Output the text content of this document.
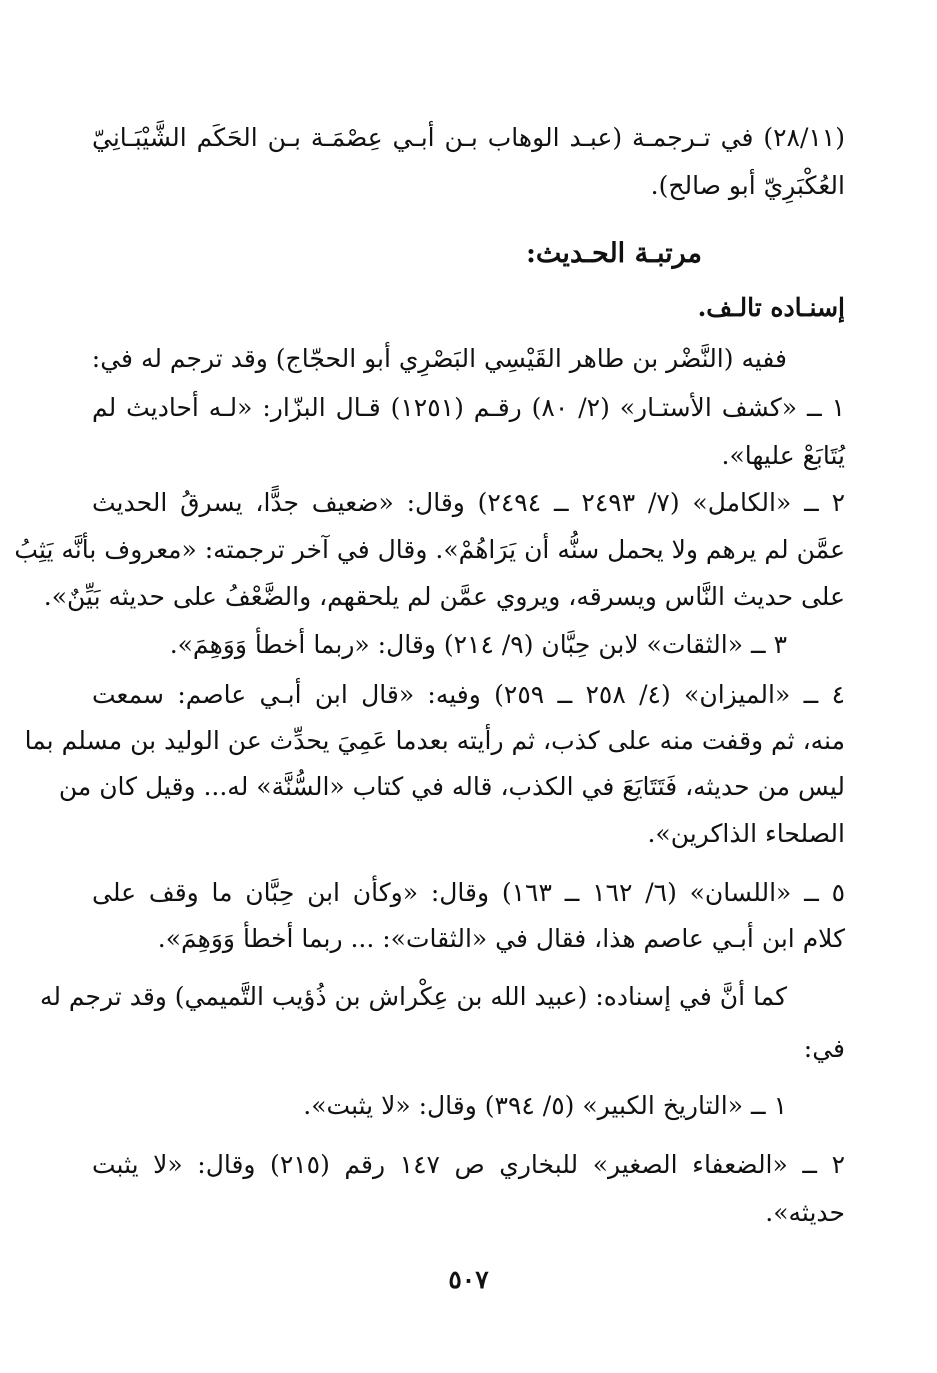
(٢٨/١١) في تـرجمـة (عبـد الوهاب بـن أبـي عِصْمَـة بـن الحَكَم الشَّيْبَـانِيّ
العُكْبَرِيّ أبو صالح).
مرتبـة الحـديث:
إسنـاده تالـف.
ففيه (النَّضْر بن طاهر القَيْسِي البَصْرِي أبو الحجّاج) وقد ترجم له في:
١ ــ «كشف الأستـار» (٢/ ٨٠) رقـم (١٢٥١) قـال البزّار: «لـه أحاديث لم
يُتَابَعْ عليها».
٢ ــ «الكامل» (٧/ ٢٤٩٣ ــ ٢٤٩٤) وقال: «ضعيف جدًّا، يسرقُ الحديث
عمَّن لم يرهم ولا يحمل سنُّه أن يَرَاهُمْ». وقال في آخر ترجمته: «معروف بأنَّه يَثِبُ
على حديث النَّاس ويسرقه، ويروي عمَّن لم يلحقهم، والضَّعْفُ على حديثه بَيِّنٌ».
٣ ــ «الثقات» لابن حِبَّان (٩/ ٢١٤) وقال: «ربما أخطأ وَوَهِمَ».
٤ ــ «الميزان» (٤/ ٢٥٨ ــ ٢٥٩) وفيه: «قال ابن أبـي عاصم: سمعت
منه، ثم وقفت منه على كذب، ثم رأيته بعدما عَمِيَ يحدِّث عن الوليد بن مسلم بما
ليس من حديثه، فَتَتَايَعَ في الكذب، قاله في كتاب «السُّنَّة» له... وقيل كان من
الصلحاء الذاكرين».
٥ ــ «اللسان» (٦/ ١٦٢ ــ ١٦٣) وقال: «وكأن ابن حِبَّان ما وقف على
كلام ابن أبـي عاصم هذا، فقال في «الثقات»: ... ربما أخطأ وَوَهِمَ».
كما أنَّ في إسناده: (عبيد الله بن عِكْراش بن ذُؤيب التَّميمي) وقد ترجم له
في:
١ ــ «التاريخ الكبير» (٥/ ٣٩٤) وقال: «لا يثبت».
٢ ــ «الضعفاء الصغير» للبخاري ص ١٤٧ رقم (٢١٥) وقال: «لا يثبت
حديثه».
٥٠٧
